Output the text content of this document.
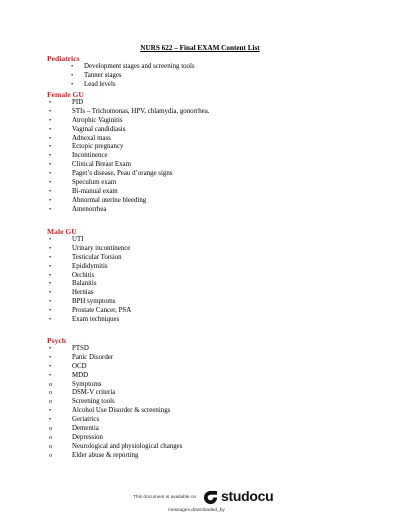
NURS 622 – Final EXAM Content List
Pediatrics
• Development stages and screening tools
• Tanner stages
• Lead levels
Female GU
•	PID
•	STIs – Trichomonas, HPV, chlamydia, gonorrhea.
•	Atrophic Vaginitis
•	Vaginal candidiasis
•	Adnexal mass
•	Ectopic pregnancy
•	Incontinence
•	Clinical Breast Exam
•	Paget’s disease, Peau d’orange signs
•	Speculum exam
•	Bi-manual exam
•	Abnormal uterine bleeding
•	Amenorrhea
Male GU
•	UTI
•	Urinary incontinence
•	Testicular Torsion
•	Epididymitis
•	Orchitis
•	Balanitis
•	Hernias
•	BPH symptoms
•	Prostate Cancer, PSA
•	Exam techniques
Psych
•	PTSD
•	Panic Disorder
•	OCD
•	MDD
o	Symptoms
o	DSM-V criteria
o	Screening tools
•	Alcohol Use Disorder & screenings
•	Geriatrics
o	Dementia
o	Depression
o	Neurological and physiological changes
o	Elder abuse & reporting
This document is available on studocu
messages.downloaded_by
